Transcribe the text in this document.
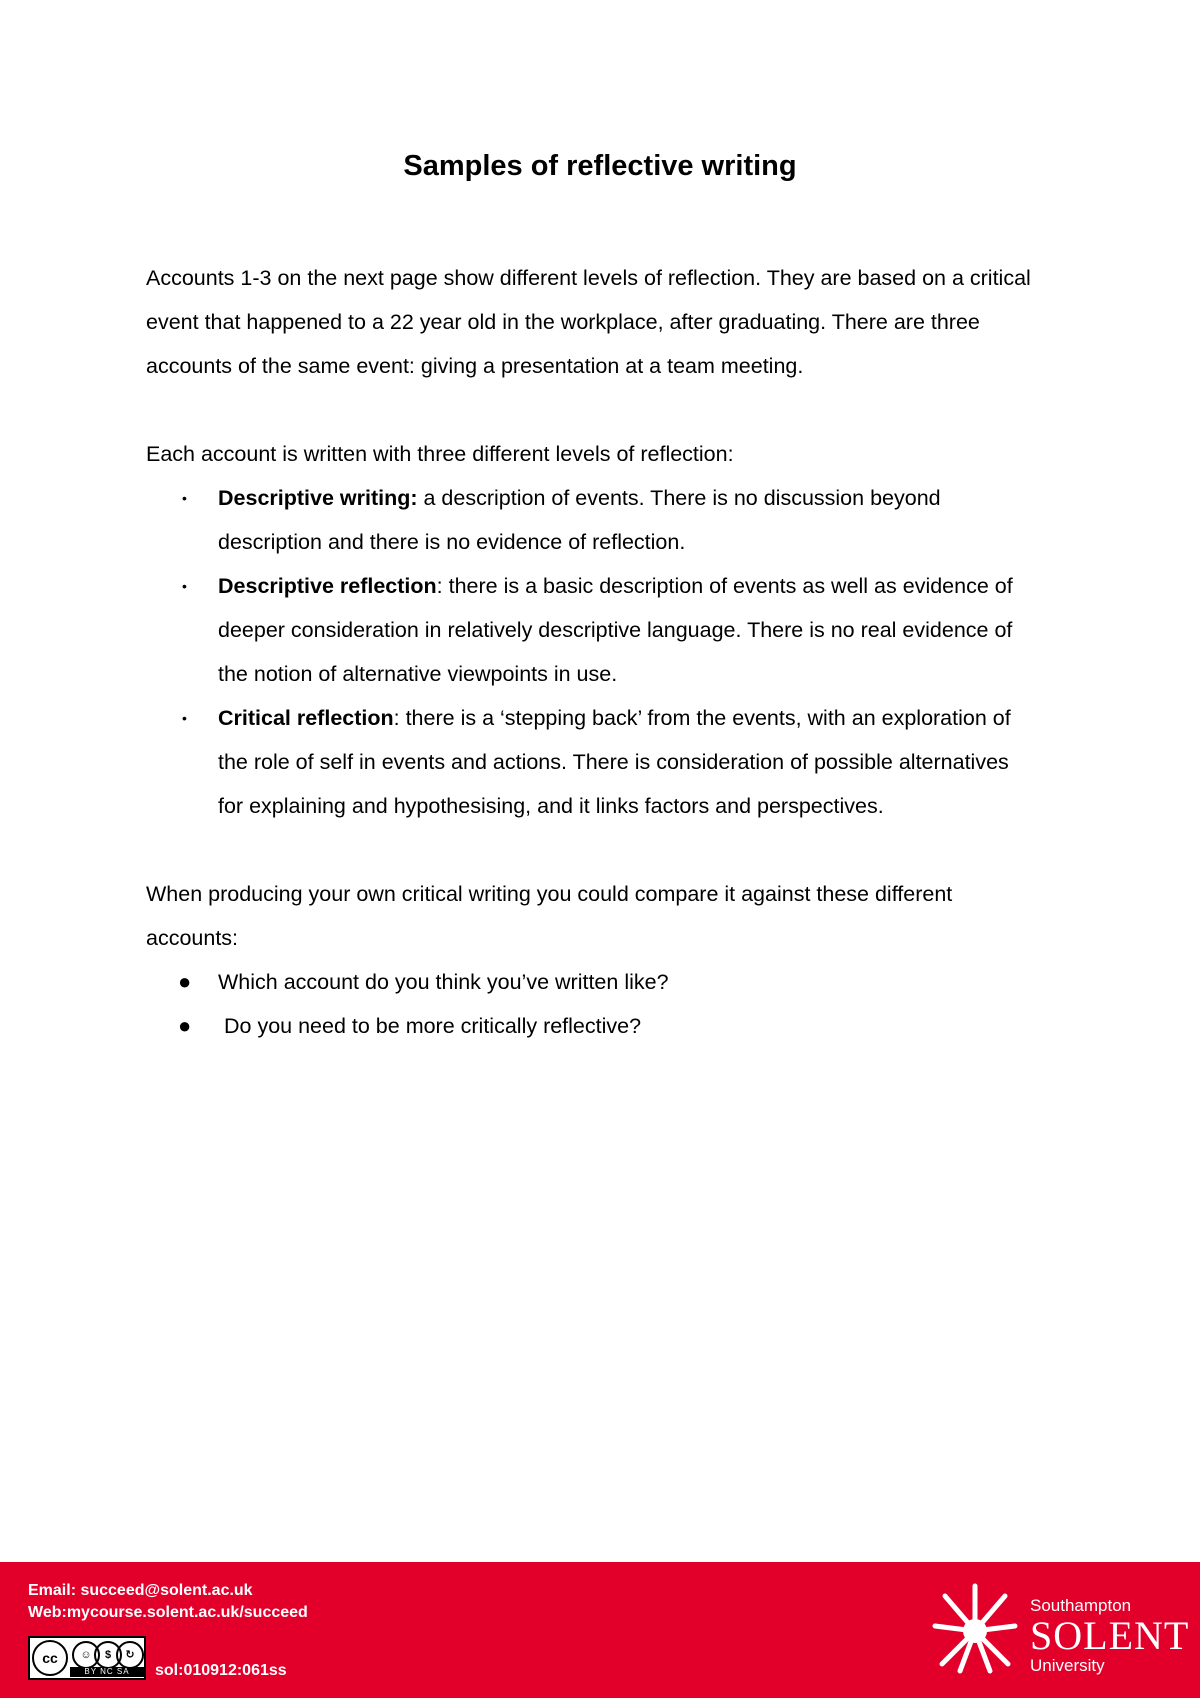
Samples of reflective writing

Accounts 1-3 on the next page show different levels of reflection. They are based on a critical
event that happened to a 22 year old in the workplace, after graduating. There are three
accounts of the same event: giving a presentation at a team meeting.

Each account is written with three different levels of reflection:

• Descriptive writing: a description of events. There is no discussion beyond
description and there is no evidence of reflection.
• Descriptive reflection: there is a basic description of events as well as evidence of
deeper consideration in relatively descriptive language. There is no real evidence of
the notion of alternative viewpoints in use.
• Critical reflection: there is a ‘stepping back’ from the events, with an exploration of
the role of self in events and actions. There is consideration of possible alternatives
for explaining and hypothesising, and it links factors and perspectives.

When producing your own critical writing you could compare it against these different
accounts:

● Which account do you think you’ve written like?
● Do you need to be more critically reflective?
Email: succeed@solent.ac.uk
Web:mycourse.solent.ac.uk/succeed
cc	☺	$	↻
BY NC SA	sol:010912:061ss
Southampton
SOLENT
University
